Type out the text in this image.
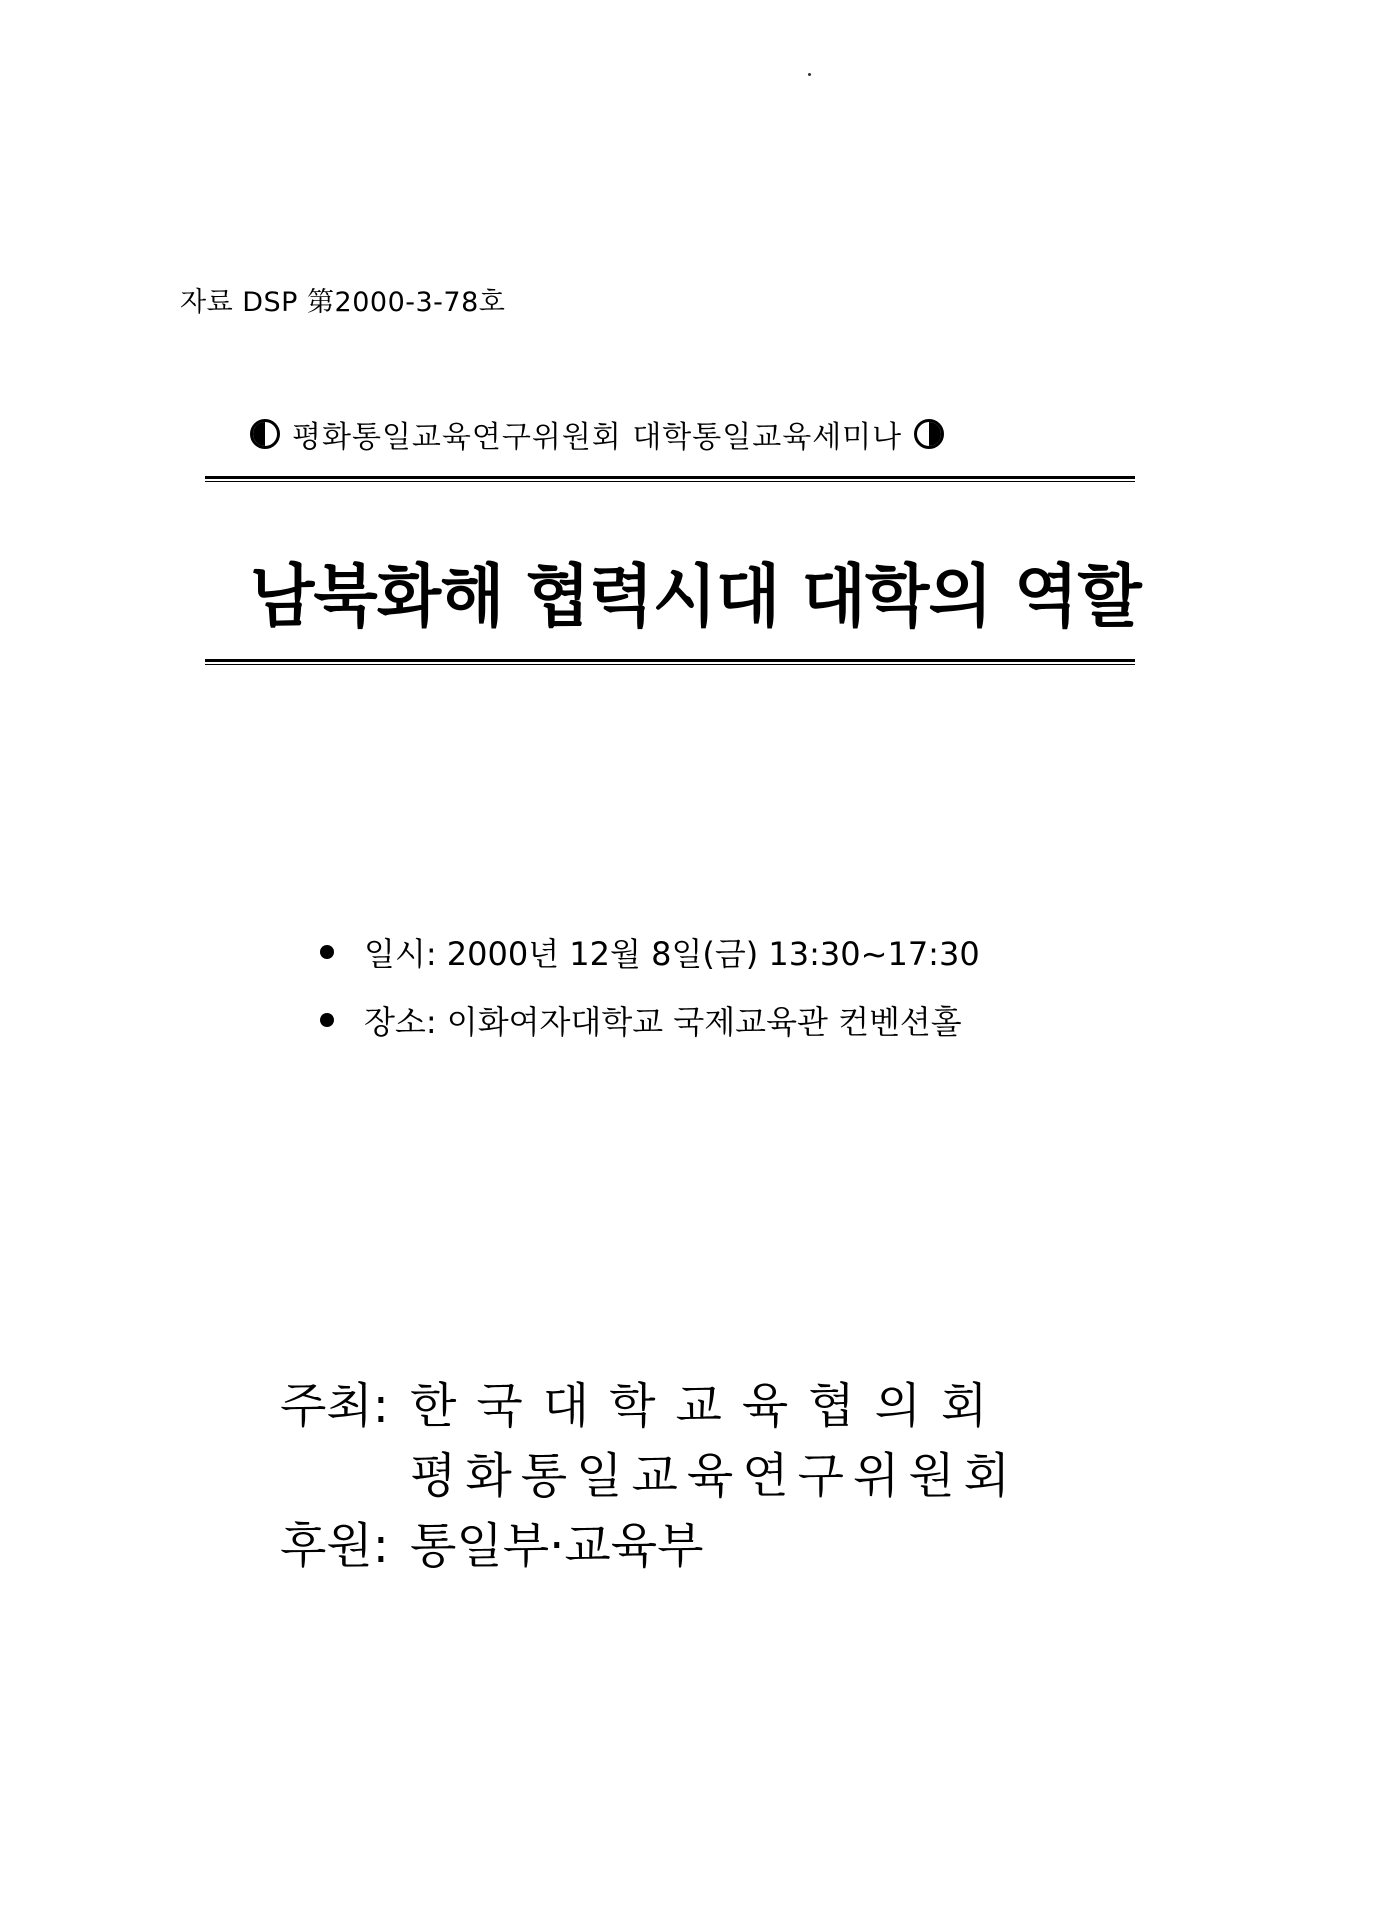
자료 DSP 第2000-3-78호
평화통일교육연구위원회 대학통일교육세미나
남북화해 협력시대 대학의 역할
일시: 2000년 12월 8일(금) 13:30~17:30
장소: 이화여자대학교 국제교육관 컨벤션홀
주최: 한국대학교육협의회
평화통일교육연구위원회
후원: 통일부·교육부
